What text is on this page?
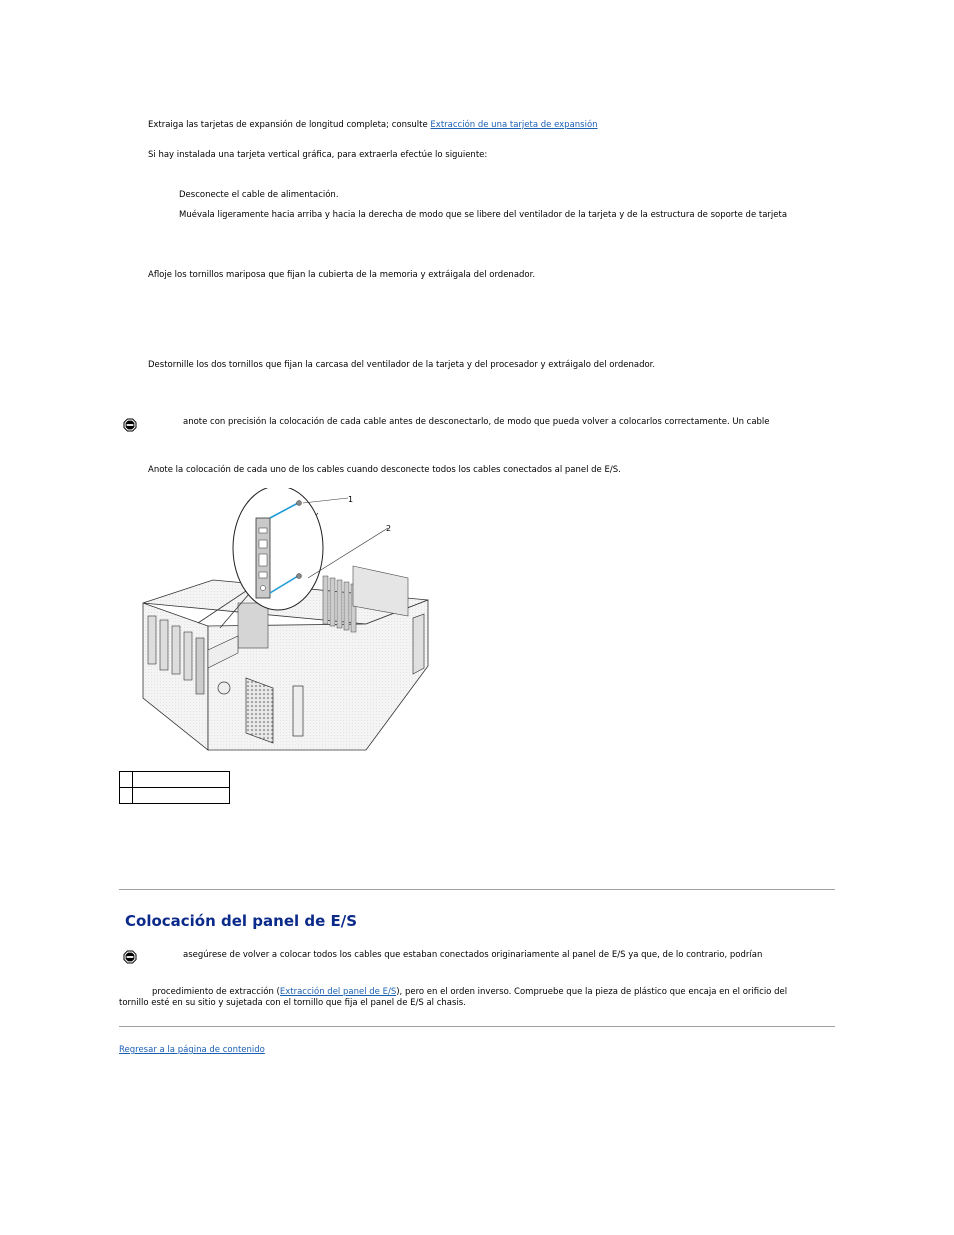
Extraiga las tarjetas de expansión de longitud completa; consulte Extracción de una tarjeta de expansión
Si hay instalada una tarjeta vertical gráfica, para extraerla efectúe lo siguiente:
Desconecte el cable de alimentación.
Muévala ligeramente hacia arriba y hacia la derecha de modo que se libere del ventilador de la tarjeta y de la estructura de soporte de tarjeta
Afloje los tornillos mariposa que fijan la cubierta de la memoria y extráigala del ordenador.
Destornille los dos tornillos que fijan la carcasa del ventilador de la tarjeta y del procesador y extráigalo del ordenador.
anote con precisión la colocación de cada cable antes de desconectarlo, de modo que pueda volver a colocarlos correctamente. Un cable
Anote la colocación de cada uno de los cables cuando desconecte todos los cables conectados al panel de E/S.
1
2

Colocación del panel de E/S
asegúrese de volver a colocar todos los cables que estaban conectados originariamente al panel de E/S ya que, de lo contrario, podrían
procedimiento de extracción (Extracción del panel de E/S), pero en el orden inverso. Compruebe que la pieza de plástico que encaja en el orificio del
tornillo esté en su sitio y sujetada con el tornillo que fija el panel de E/S al chasis.
Regresar a la página de contenido
